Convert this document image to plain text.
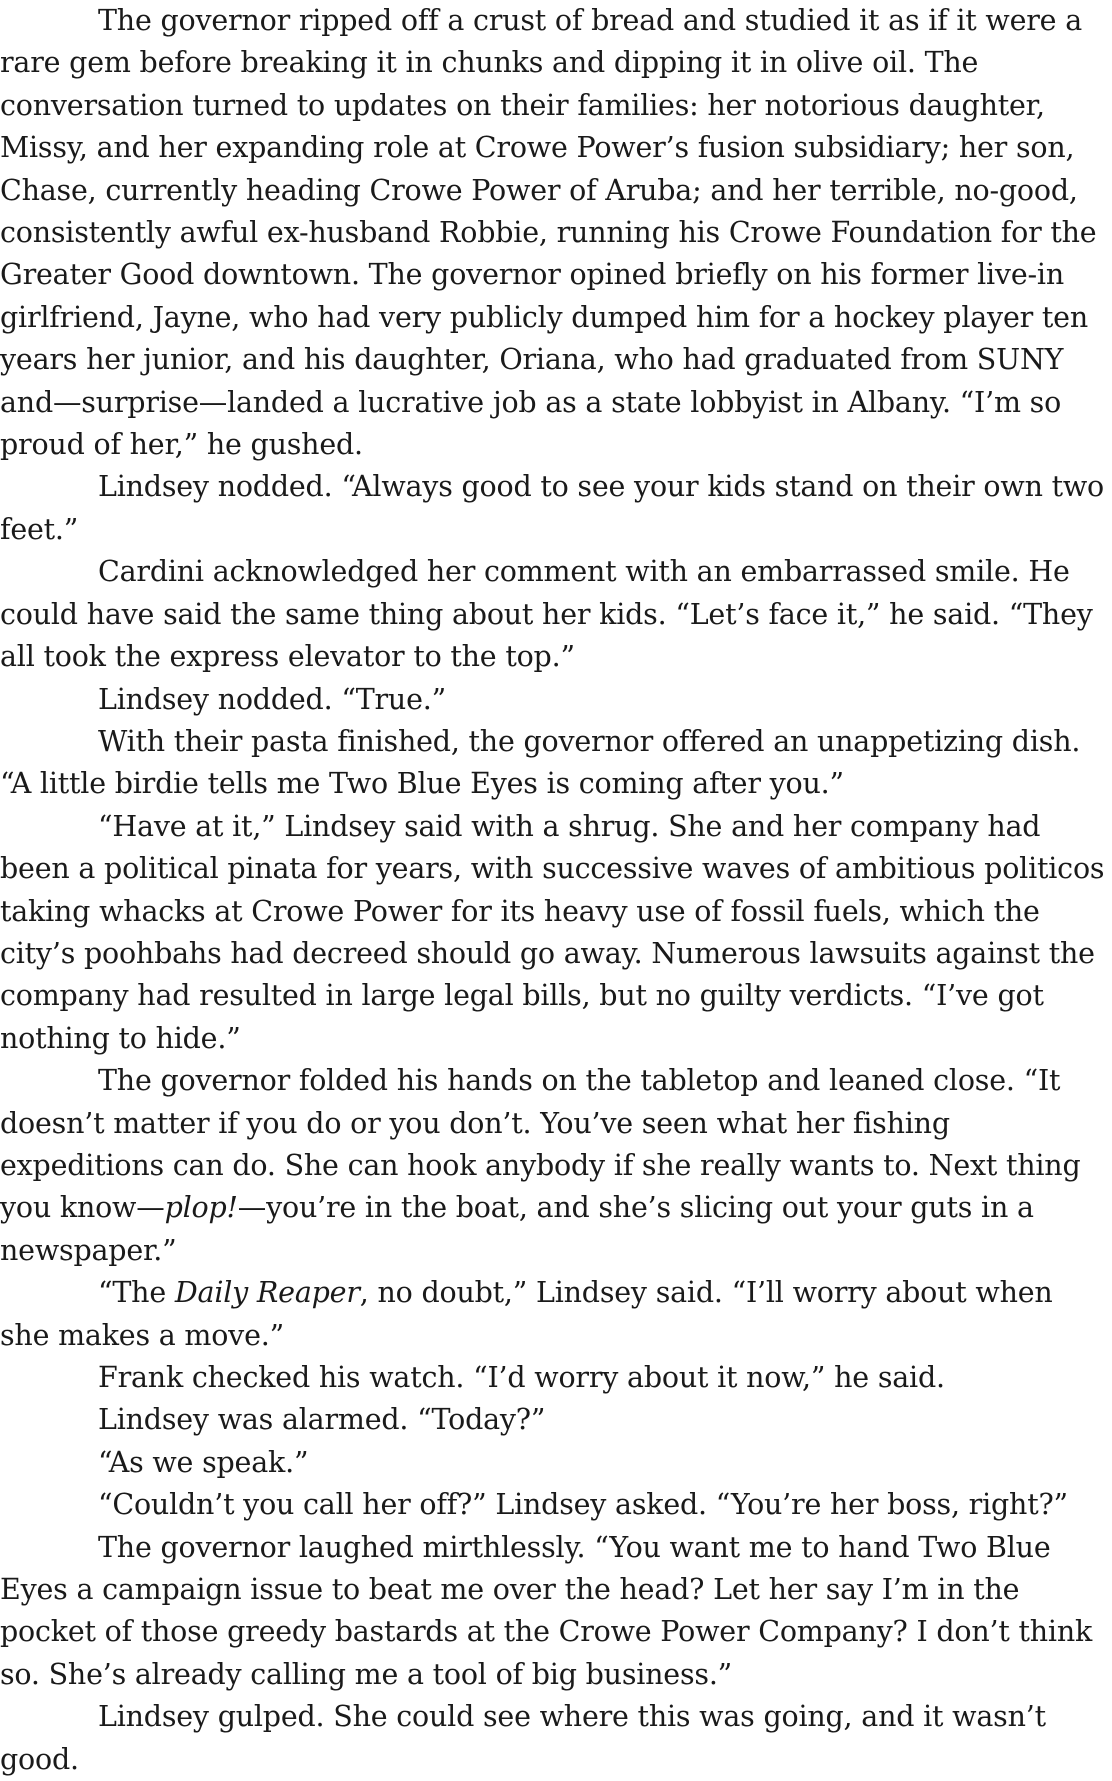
The governor ripped off a crust of bread and studied it as if it were a rare gem before breaking it in chunks and dipping it in olive oil. The conversation turned to updates on their families: her notorious daughter, Missy, and her expanding role at Crowe Power’s fusion subsidiary; her son, Chase, currently heading Crowe Power of Aruba; and her terrible, no-good, consistently awful ex-husband Robbie, running his Crowe Foundation for the Greater Good downtown. The governor opined briefly on his former live-in girlfriend, Jayne, who had very publicly dumped him for a hockey player ten years her junior, and his daughter, Oriana, who had graduated from SUNY and—surprise—landed a lucrative job as a state lobbyist in Albany. “I’m so proud of her,” he gushed.

Lindsey nodded. “Always good to see your kids stand on their own two feet.”

Cardini acknowledged her comment with an embarrassed smile. He could have said the same thing about her kids. “Let’s face it,” he said. “They all took the express elevator to the top.”

Lindsey nodded. “True.”

With their pasta finished, the governor offered an unappetizing dish. “A little birdie tells me Two Blue Eyes is coming after you.”

“Have at it,” Lindsey said with a shrug. She and her company had been a political pinata for years, with successive waves of ambitious politicos taking whacks at Crowe Power for its heavy use of fossil fuels, which the city’s poohbahs had decreed should go away. Numerous lawsuits against the company had resulted in large legal bills, but no guilty verdicts. “I’ve got nothing to hide.”

The governor folded his hands on the tabletop and leaned close. “It doesn’t matter if you do or you don’t. You’ve seen what her fishing expeditions can do. She can hook anybody if she really wants to. Next thing you know—plop!—you’re in the boat, and she’s slicing out your guts in a newspaper.”

“The Daily Reaper, no doubt,” Lindsey said. “I’ll worry about when she makes a move.”

Frank checked his watch. “I’d worry about it now,” he said.

Lindsey was alarmed. “Today?”

“As we speak.”

“Couldn’t you call her off?” Lindsey asked. “You’re her boss, right?”

The governor laughed mirthlessly. “You want me to hand Two Blue Eyes a campaign issue to beat me over the head? Let her say I’m in the pocket of those greedy bastards at the Crowe Power Company? I don’t think so. She’s already calling me a tool of big business.”

Lindsey gulped. She could see where this was going, and it wasn’t good.
